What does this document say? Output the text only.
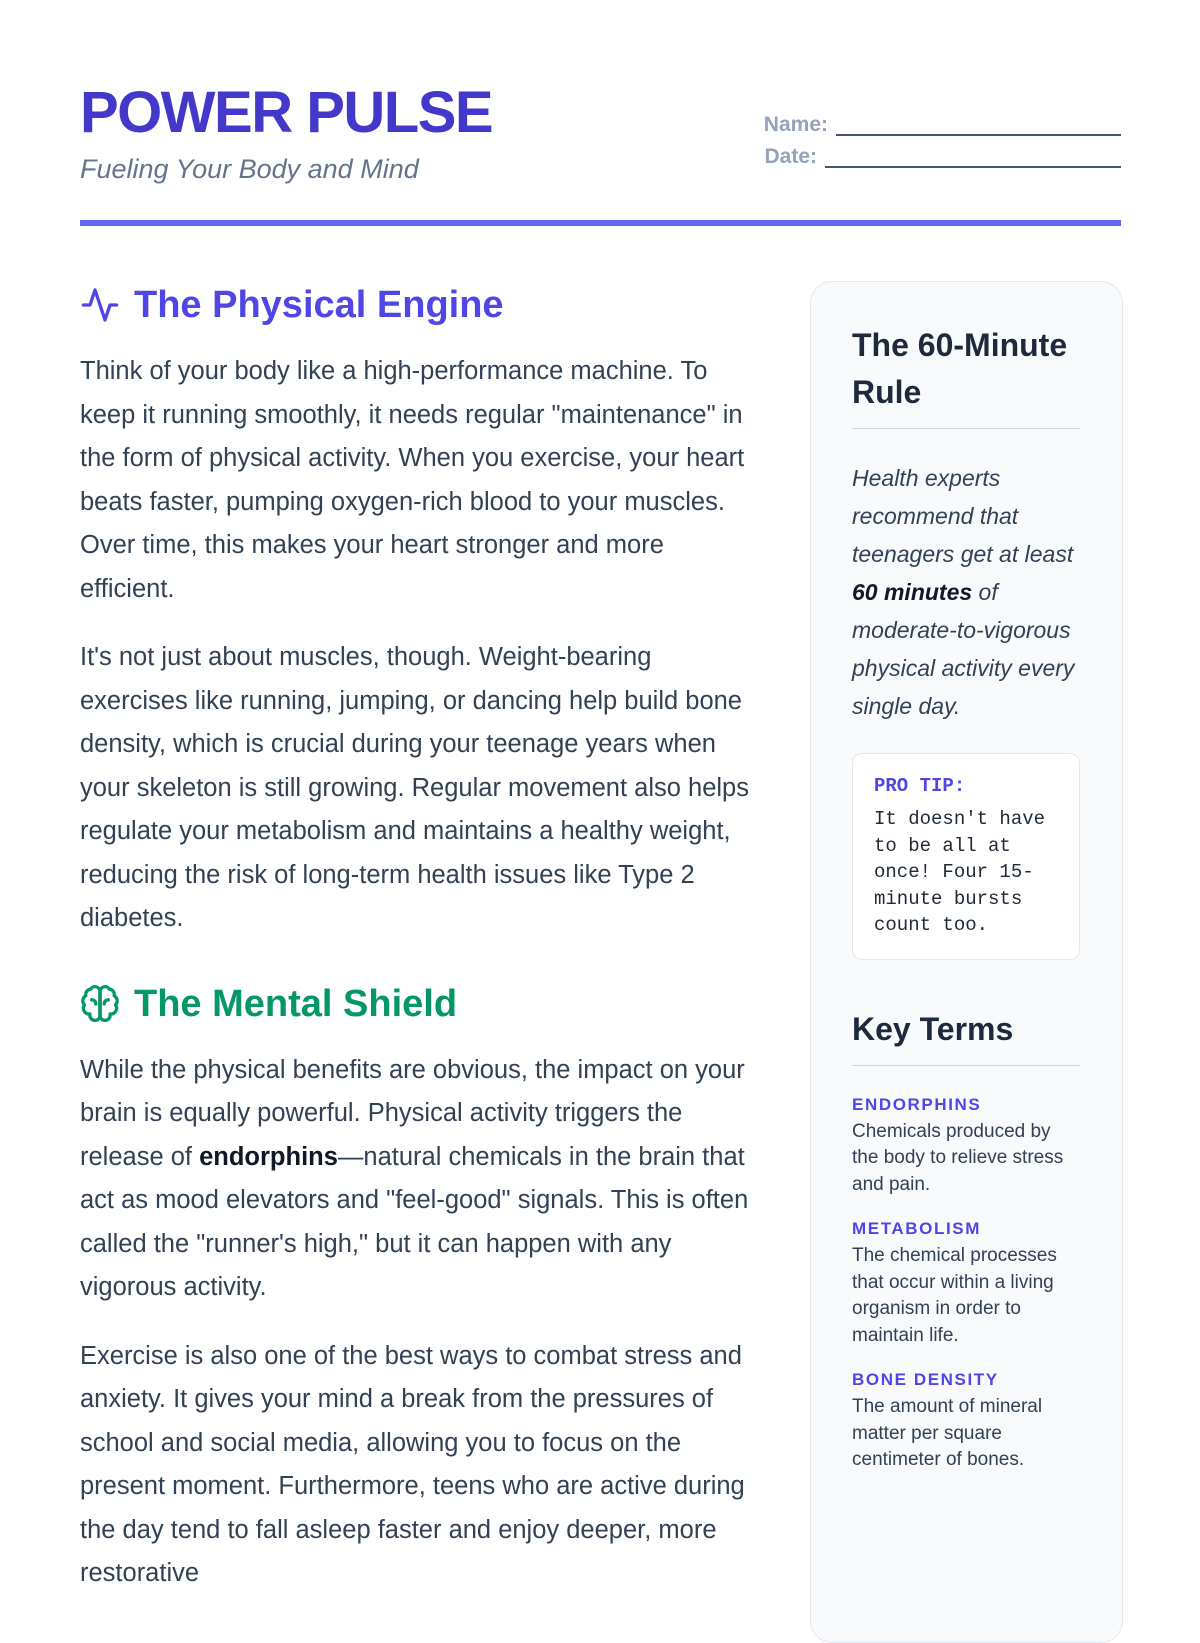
POWER PULSE
Fueling Your Body and Mind
Name:
Date:
The Physical Engine

Think of your body like a high-performance machine. To keep it running smoothly, it needs regular "maintenance" in the form of physical activity. When you exercise, your heart beats faster, pumping oxygen-rich blood to your muscles. Over time, this makes your heart stronger and more efficient.

It's not just about muscles, though. Weight-bearing exercises like running, jumping, or dancing help build bone density, which is crucial during your teenage years when your skeleton is still growing. Regular movement also helps regulate your metabolism and maintains a healthy weight, reducing the risk of long-term health issues like Type 2 diabetes.

The Mental Shield

While the physical benefits are obvious, the impact on your brain is equally powerful. Physical activity triggers the release of endorphins—natural chemicals in the brain that act as mood elevators and "feel-good" signals. This is often called the "runner's high," but it can happen with any vigorous activity.

Exercise is also one of the best ways to combat stress and anxiety. It gives your mind a break from the pressures of school and social media, allowing you to focus on the present moment. Furthermore, teens who are active during the day tend to fall asleep faster and enjoy deeper, more restorative

The 60-Minute Rule

Health experts recommend that teenagers get at least 60 minutes of moderate-to-vigorous physical activity every single day.

PRO TIP:
It doesn't have to be all at once! Four 15-minute bursts count too.
Key Terms
ENDORPHINS
Chemicals produced by the body to relieve stress and pain.
METABOLISM
The chemical processes that occur within a living organism in order to maintain life.
BONE DENSITY
The amount of mineral matter per square centimeter of bones.
